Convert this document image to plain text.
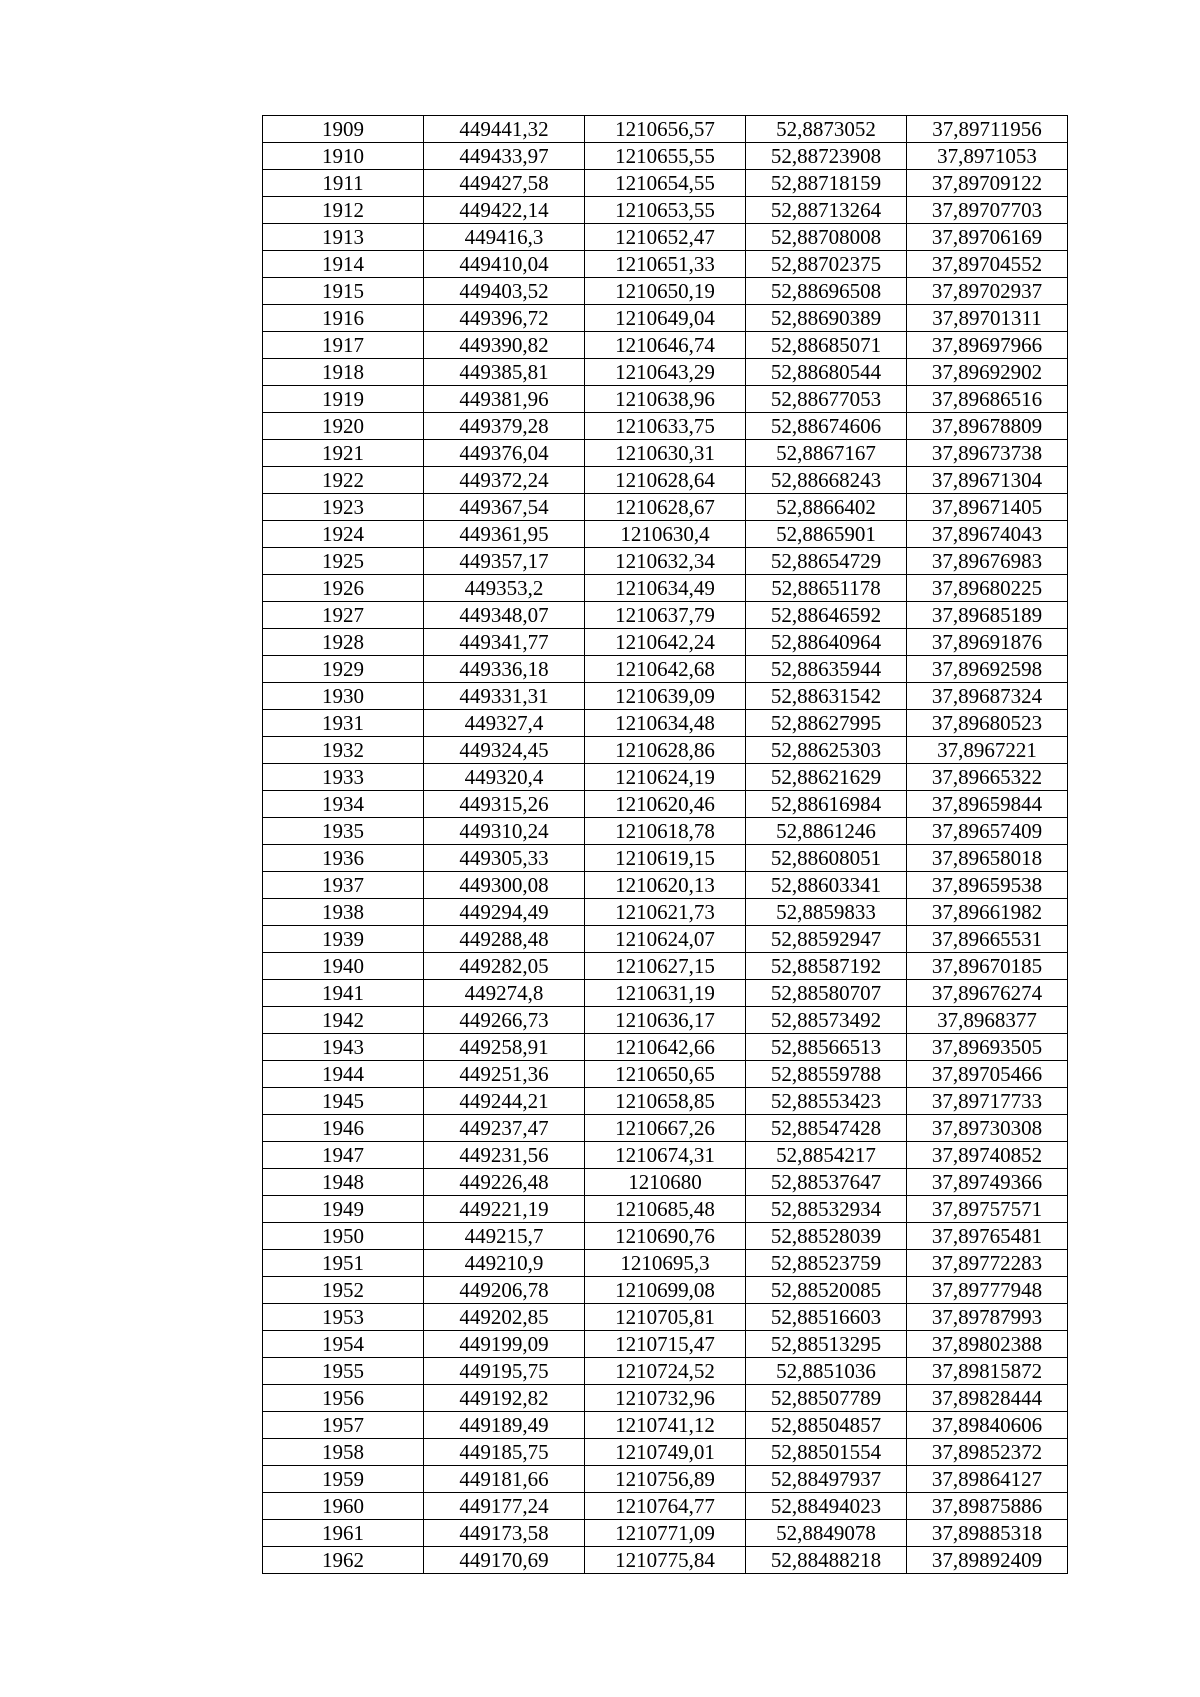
1909	449441,32	1210656,57	52,8873052	37,89711956
1910	449433,97	1210655,55	52,88723908	37,8971053
1911	449427,58	1210654,55	52,88718159	37,89709122
1912	449422,14	1210653,55	52,88713264	37,89707703
1913	449416,3	1210652,47	52,88708008	37,89706169
1914	449410,04	1210651,33	52,88702375	37,89704552
1915	449403,52	1210650,19	52,88696508	37,89702937
1916	449396,72	1210649,04	52,88690389	37,89701311
1917	449390,82	1210646,74	52,88685071	37,89697966
1918	449385,81	1210643,29	52,88680544	37,89692902
1919	449381,96	1210638,96	52,88677053	37,89686516
1920	449379,28	1210633,75	52,88674606	37,89678809
1921	449376,04	1210630,31	52,8867167	37,89673738
1922	449372,24	1210628,64	52,88668243	37,89671304
1923	449367,54	1210628,67	52,8866402	37,89671405
1924	449361,95	1210630,4	52,8865901	37,89674043
1925	449357,17	1210632,34	52,88654729	37,89676983
1926	449353,2	1210634,49	52,88651178	37,89680225
1927	449348,07	1210637,79	52,88646592	37,89685189
1928	449341,77	1210642,24	52,88640964	37,89691876
1929	449336,18	1210642,68	52,88635944	37,89692598
1930	449331,31	1210639,09	52,88631542	37,89687324
1931	449327,4	1210634,48	52,88627995	37,89680523
1932	449324,45	1210628,86	52,88625303	37,8967221
1933	449320,4	1210624,19	52,88621629	37,89665322
1934	449315,26	1210620,46	52,88616984	37,89659844
1935	449310,24	1210618,78	52,8861246	37,89657409
1936	449305,33	1210619,15	52,88608051	37,89658018
1937	449300,08	1210620,13	52,88603341	37,89659538
1938	449294,49	1210621,73	52,8859833	37,89661982
1939	449288,48	1210624,07	52,88592947	37,89665531
1940	449282,05	1210627,15	52,88587192	37,89670185
1941	449274,8	1210631,19	52,88580707	37,89676274
1942	449266,73	1210636,17	52,88573492	37,8968377
1943	449258,91	1210642,66	52,88566513	37,89693505
1944	449251,36	1210650,65	52,88559788	37,89705466
1945	449244,21	1210658,85	52,88553423	37,89717733
1946	449237,47	1210667,26	52,88547428	37,89730308
1947	449231,56	1210674,31	52,8854217	37,89740852
1948	449226,48	1210680	52,88537647	37,89749366
1949	449221,19	1210685,48	52,88532934	37,89757571
1950	449215,7	1210690,76	52,88528039	37,89765481
1951	449210,9	1210695,3	52,88523759	37,89772283
1952	449206,78	1210699,08	52,88520085	37,89777948
1953	449202,85	1210705,81	52,88516603	37,89787993
1954	449199,09	1210715,47	52,88513295	37,89802388
1955	449195,75	1210724,52	52,8851036	37,89815872
1956	449192,82	1210732,96	52,88507789	37,89828444
1957	449189,49	1210741,12	52,88504857	37,89840606
1958	449185,75	1210749,01	52,88501554	37,89852372
1959	449181,66	1210756,89	52,88497937	37,89864127
1960	449177,24	1210764,77	52,88494023	37,89875886
1961	449173,58	1210771,09	52,8849078	37,89885318
1962	449170,69	1210775,84	52,88488218	37,89892409
